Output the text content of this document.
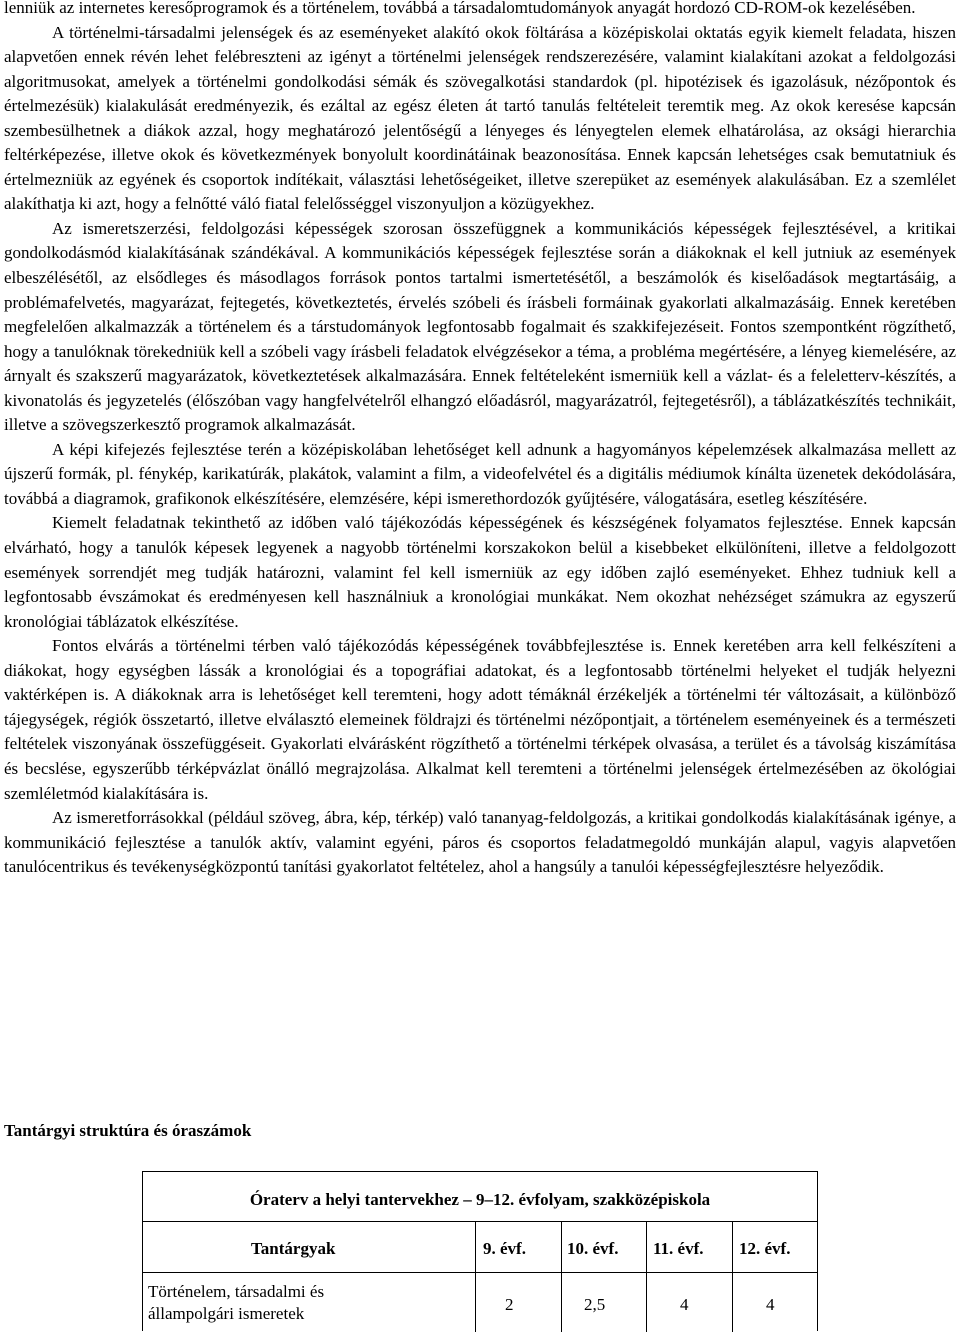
lenniük az internetes keresőprogramok és a történelem, továbbá a társadalomtudományok anyagát hordozó CD-ROM-ok kezelésében.

A történelmi-társadalmi jelenségek és az eseményeket alakító okok föltárása a középiskolai oktatás egyik kiemelt feladata, hiszen alapvetően ennek révén lehet felébreszteni az igényt a történelmi jelenségek rendszerezésére, valamint kialakítani azokat a feldolgozási algoritmusokat, amelyek a történelmi gondolkodási sémák és szövegalkotási standardok (pl. hipotézisek és igazolásuk, nézőpontok és értelmezésük) kialakulását eredményezik, és ezáltal az egész életen át tartó tanulás feltételeit teremtik meg. Az okok keresése kapcsán szembesülhetnek a diákok azzal, hogy meghatározó jelentőségű a lényeges és lényegtelen elemek elhatárolása, az oksági hierarchia feltérképezése, illetve okok és következmények bonyolult koordinátáinak beazonosítása. Ennek kapcsán lehetséges csak bemutatniuk és értelmezniük az egyének és csoportok indítékait, választási lehetőségeiket, illetve szerepüket az események alakulásában. Ez a szemlélet alakíthatja ki azt, hogy a felnőtté váló fiatal felelősséggel viszonyuljon a közügyekhez.

Az ismeretszerzési, feldolgozási képességek szorosan összefüggnek a kommunikációs képességek fejlesztésével, a kritikai gondolkodásmód kialakításának szándékával. A kommunikációs képességek fejlesztése során a diákoknak el kell jutniuk az események elbeszélésétől, az elsődleges és másodlagos források pontos tartalmi ismertetésétől, a beszámolók és kiselőadások megtartásáig, a problémafelvetés, magyarázat, fejtegetés, következtetés, érvelés szóbeli és írásbeli formáinak gyakorlati alkalmazásáig. Ennek keretében megfelelően alkalmazzák a történelem és a társtudományok legfontosabb fogalmait és szakkifejezéseit. Fontos szempontként rögzíthető, hogy a tanulóknak törekedniük kell a szóbeli vagy írásbeli feladatok elvégzésekor a téma, a probléma megértésére, a lényeg kiemelésére, az árnyalt és szakszerű magyarázatok, következtetések alkalmazására. Ennek feltételeként ismerniük kell a vázlat- és a feleletterv-készítés, a kivonatolás és jegyzetelés (élőszóban vagy hangfelvételről elhangzó előadásról, magyarázatról, fejtegetésről), a táblázatkészítés technikáit, illetve a szövegszerkesztő programok alkalmazását.

A képi kifejezés fejlesztése terén a középiskolában lehetőséget kell adnunk a hagyományos képelemzések alkalmazása mellett az újszerű formák, pl. fénykép, karikatúrák, plakátok, valamint a film, a videofelvétel és a digitális médiumok kínálta üzenetek dekódolására, továbbá a diagramok, grafikonok elkészítésére, elemzésére, képi ismerethordozók gyűjtésére, válogatására, esetleg készítésére.

Kiemelt feladatnak tekinthető az időben való tájékozódás képességének és készségének folyamatos fejlesztése. Ennek kapcsán elvárható, hogy a tanulók képesek legyenek a nagyobb történelmi korszakokon belül a kisebbeket elkülöníteni, illetve a feldolgozott események sorrendjét meg tudják határozni, valamint fel kell ismerniük az egy időben zajló eseményeket. Ehhez tudniuk kell a legfontosabb évszámokat és eredményesen kell használniuk a kronológiai munkákat. Nem okozhat nehézséget számukra az egyszerű kronológiai táblázatok elkészítése.

Fontos elvárás a történelmi térben való tájékozódás képességének továbbfejlesztése is. Ennek keretében arra kell felkészíteni a diákokat, hogy egységben lássák a kronológiai és a topográfiai adatokat, és a legfontosabb történelmi helyeket el tudják helyezni vaktérképen is. A diákoknak arra is lehetőséget kell teremteni, hogy adott témáknál érzékeljék a történelmi tér változásait, a különböző tájegységek, régiók összetartó, illetve elválasztó elemeinek földrajzi és történelmi nézőpontjait, a történelem eseményeinek és a természeti feltételek viszonyának összefüggéseit. Gyakorlati elvárásként rögzíthető a történelmi térképek olvasása, a terület és a távolság kiszámítása és becslése, egyszerűbb térképvázlat önálló megrajzolása. Alkalmat kell teremteni a történelmi jelenségek értelmezésében az ökológiai szemléletmód kialakítására is.

Az ismeretforrásokkal (például szöveg, ábra, kép, térkép) való tananyag-feldolgozás, a kritikai gondolkodás kialakításának igénye, a kommunikáció fejlesztése a tanulók aktív, valamint egyéni, páros és csoportos feladatmegoldó munkáján alapul, vagyis alapvetően tanulócentrikus és tevékenységközpontú tanítási gyakorlatot feltételez, ahol a hangsúly a tanulói képességfejlesztésre helyeződik.

Tantárgyi struktúra és óraszámok
Óraterv a helyi tantervekhez – 9–12. évfolyam, szakközépiskola
Tantárgyak	9. évf. 10. évf. 11. évf. 12. évf.
Történelem, társadalmi és állampolgári ismeretek	2	2,5	4	4
